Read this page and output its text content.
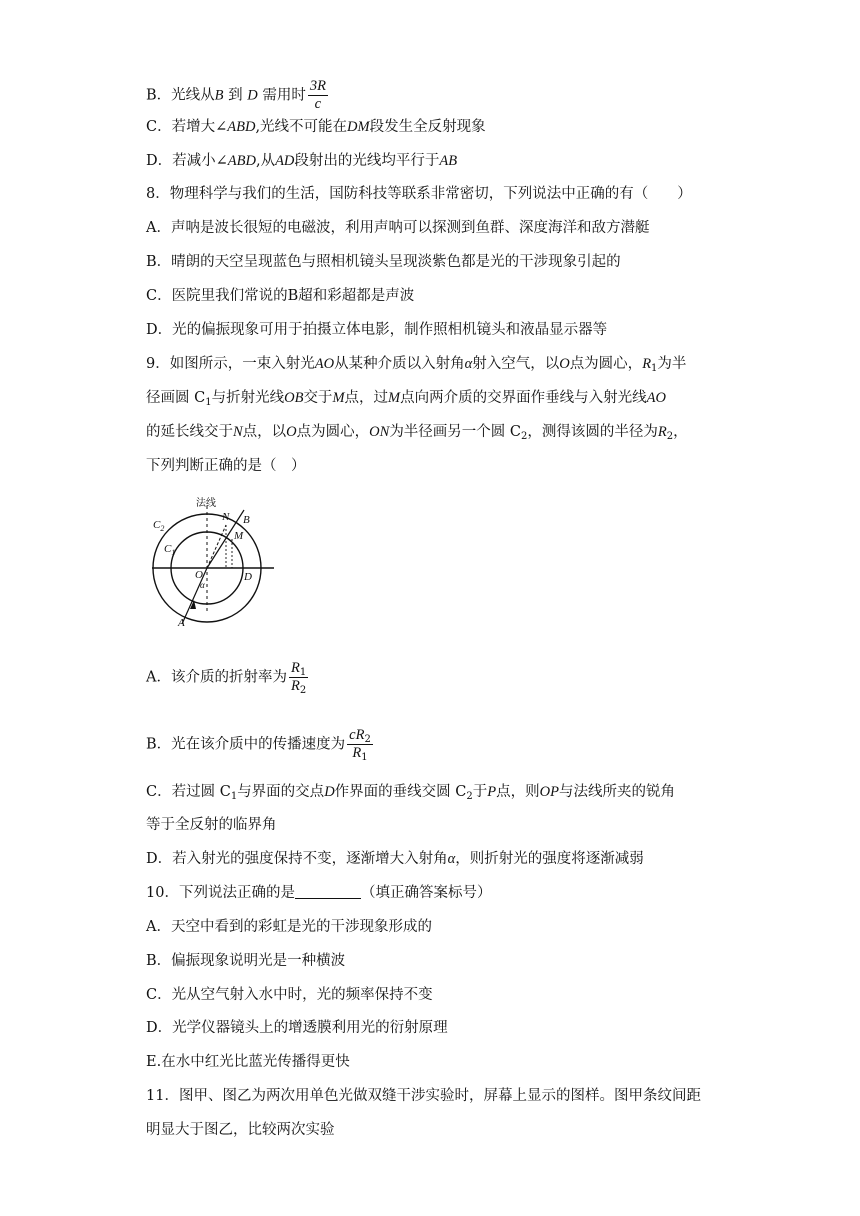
B．光线从B 到 D 需用时 $\frac{3R}{c}$
C．若增大∠ABD,光线不可能在DM段发生全反射现象
D．若减小∠ABD,从AD段射出的光线均平行于AB
8．物理科学与我们的生活，国防科技等联系非常密切，下列说法中正确的有（　　）
A．声呐是波长很短的电磁波，利用声呐可以探测到鱼群、深度海洋和敌方潜艇
B．晴朗的天空呈现蓝色与照相机镜头呈现淡紫色都是光的干涉现象引起的
C．医院里我们常说的B超和彩超都是声波
D．光的偏振现象可用于拍摄立体电影，制作照相机镜头和液晶显示器等
9．如图所示，一束入射光AO从某种介质以入射角α射入空气，以O点为圆心，$R_1$为半
径画圆 $C_1$与折射光线OB交于M点，过M点向两介质的交界面作垂线与入射光线AO
的延长线交于N点，以O点为圆心，ON为半径画另一个圆 $C_2$，测得该圆的半径为$R_2$，
下列判断正确的是（　）
法线
$C_2$
$C_1$
N B
M
O	D
α
A
A．该介质的折射率为 $\frac{R_1}{R_2}$
B．光在该介质中的传播速度为 $\frac{cR_2}{R_1}$
C．若过圆 $C_1$与界面的交点D作界面的垂线交圆 $C_2$于P点，则OP与法线所夹的锐角
等于全反射的临界角
D．若入射光的强度保持不变，逐渐增大入射角α，则折射光的强度将逐渐减弱
10．下列说法正确的是	（填正确答案标号）
A．天空中看到的彩虹是光的干涉现象形成的
B．偏振现象说明光是一种横波
C．光从空气射入水中时，光的频率保持不变
D．光学仪器镜头上的增透膜利用光的衍射原理
E.在水中红光比蓝光传播得更快
11．图甲、图乙为两次用单色光做双缝干涉实验时，屏幕上显示的图样。图甲条纹间距
明显大于图乙，比较两次实验
